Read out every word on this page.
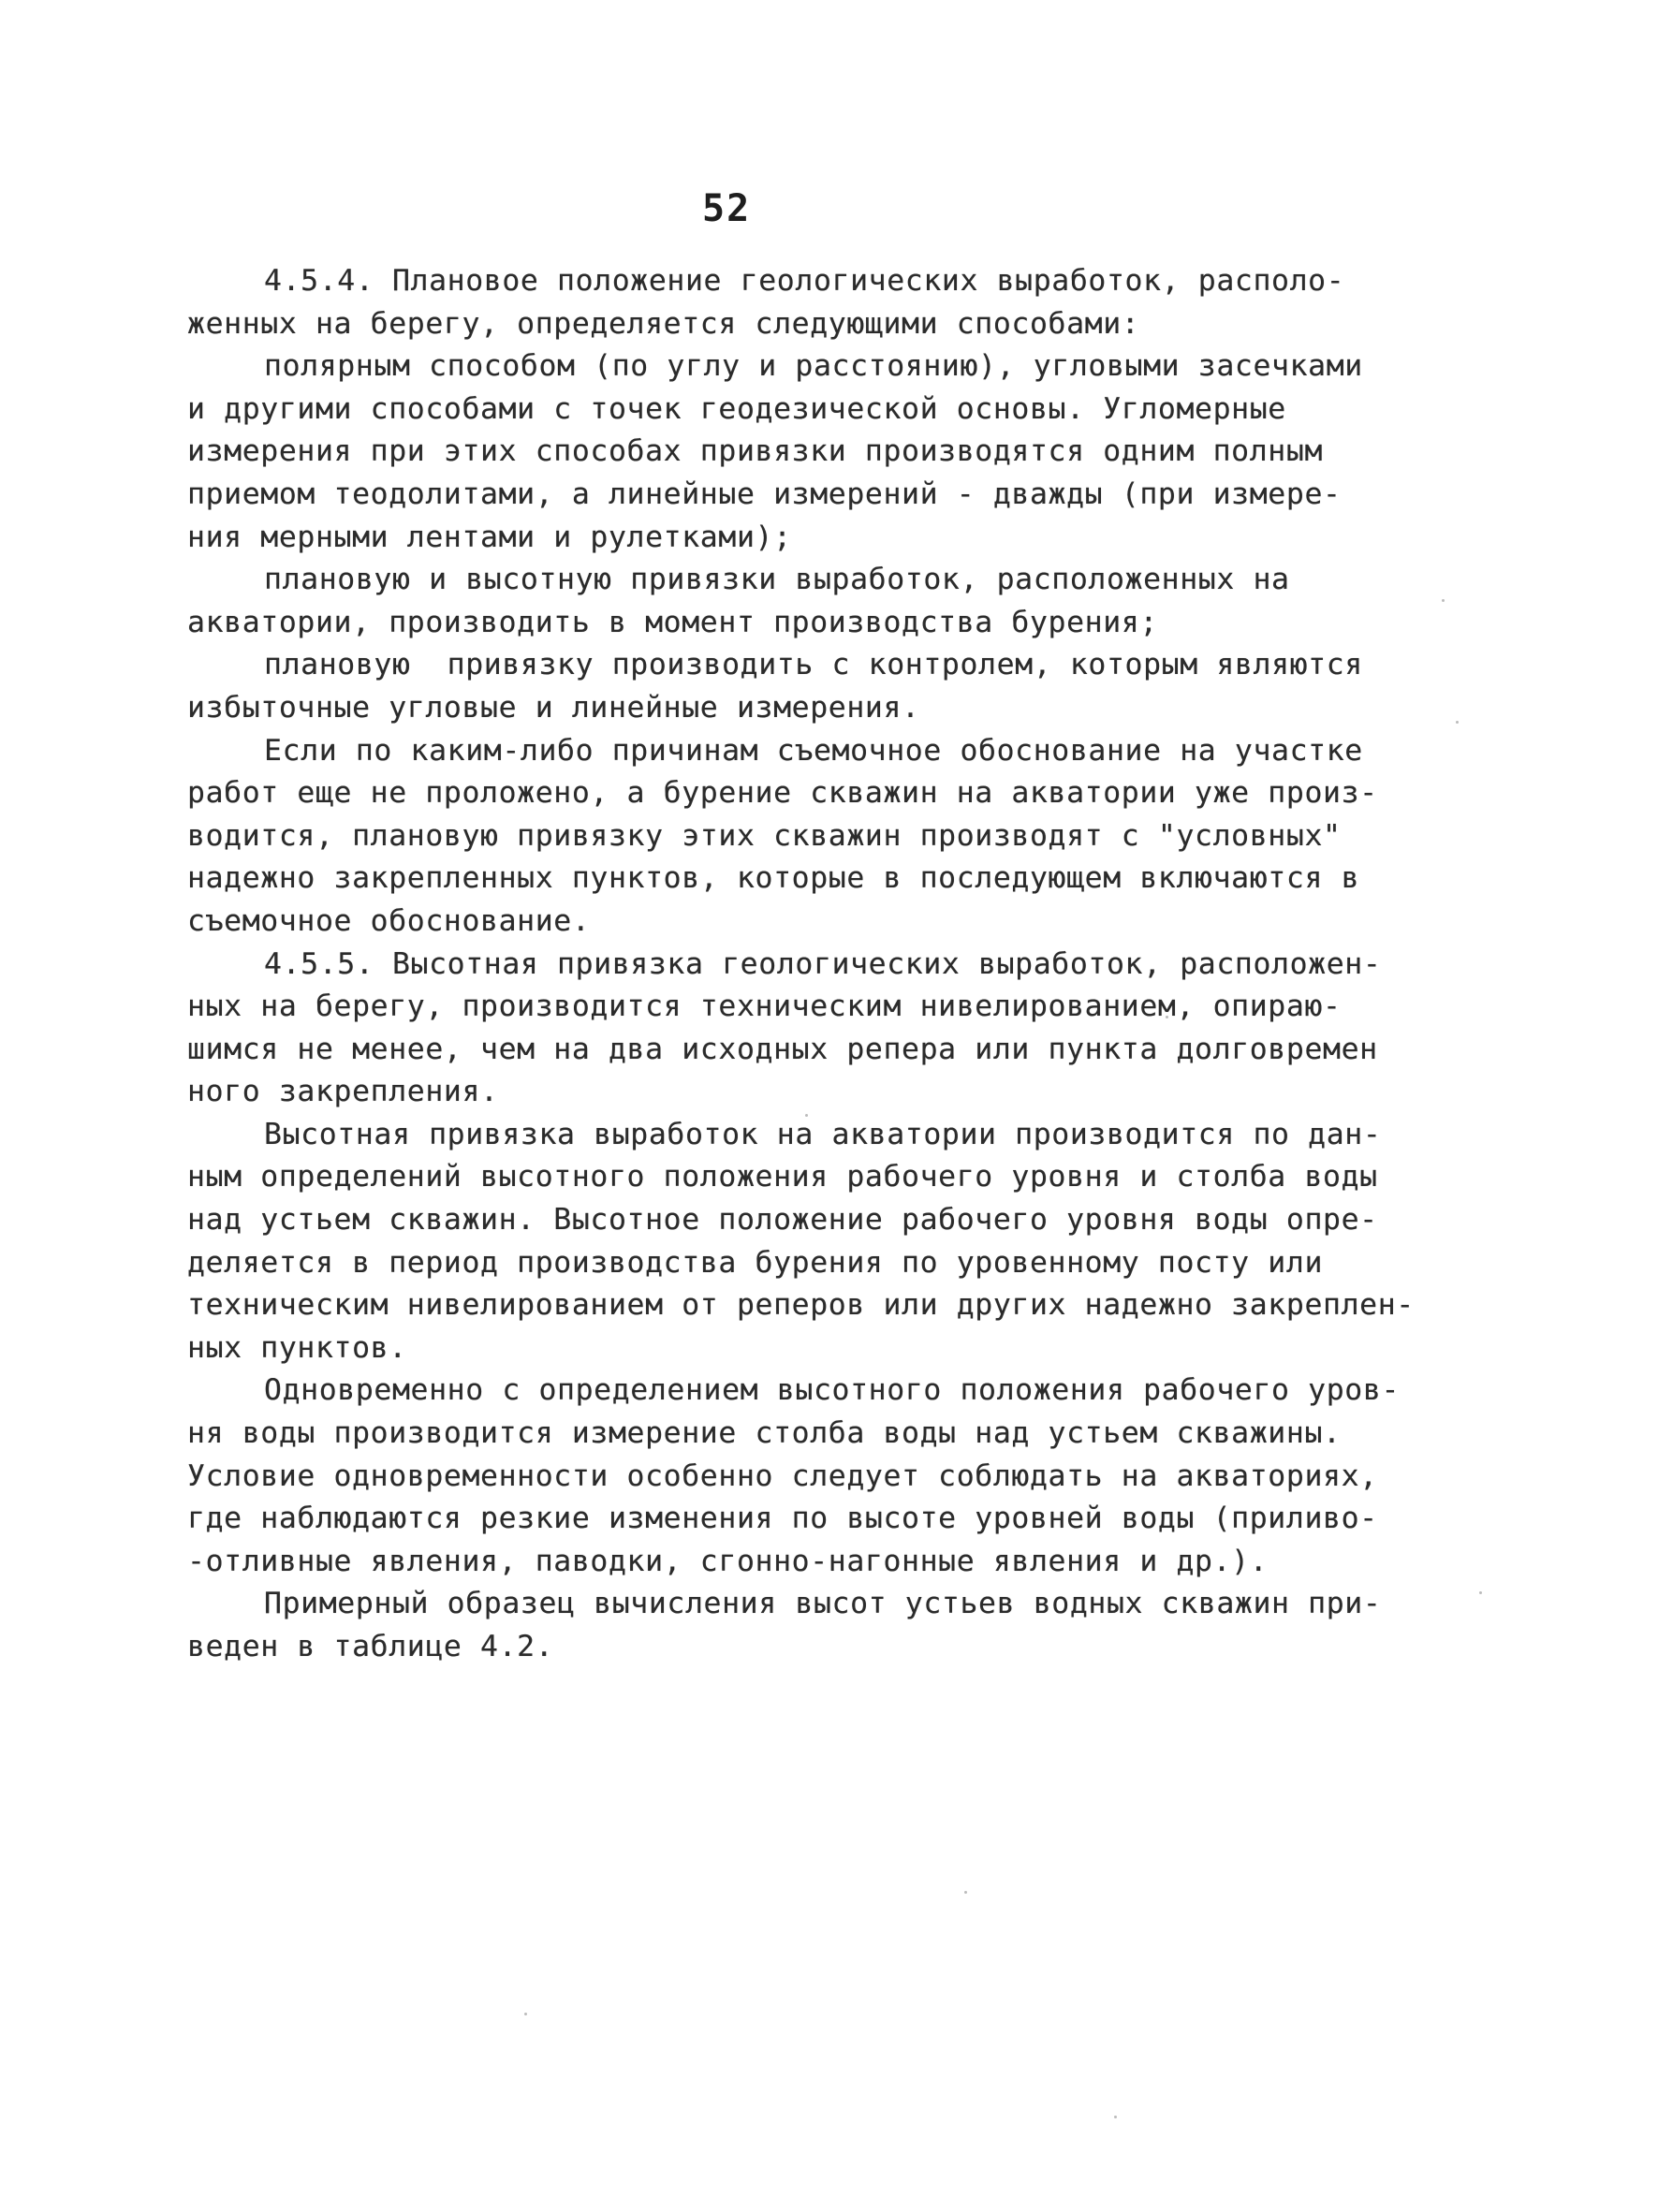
52
4.5.4. Плановое положение геологических выработок, располо-
женных на берегу, определяется следующими способами:
полярным способом (по углу и расстоянию), угловыми засечками
и другими способами с точек геодезической основы. Угломерные
измерения при этих способах привязки производятся одним полным
приемом теодолитами, а линейные измерений - дважды (при измере-
ния мерными лентами и рулетками);
плановую и высотную привязки выработок, расположенных на
акватории, производить в момент производства бурения;
плановую  привязку производить с контролем, которым являются
избыточные угловые и линейные измерения.
Если по каким-либо причинам съемочное обоснование на участке
работ еще не проложено, а бурение скважин на акватории уже произ-
водится, плановую привязку этих скважин производят с "условных"
надежно закрепленных пунктов, которые в последующем включаются в
съемочное обоснование.
4.5.5. Высотная привязка геологических выработок, расположен-
ных на берегу, производится техническим нивелированием, опираю-
шимся не менее, чем на два исходных репера или пункта долговремен
ного закрепления.
Высотная привязка выработок на акватории производится по дан-
ным определений высотного положения рабочего уровня и столба воды
над устьем скважин. Высотное положение рабочего уровня воды опре-
деляется в период производства бурения по уровенному посту или
техническим нивелированием от реперов или других надежно закреплен-
ных пунктов.
Одновременно с определением высотного положения рабочего уров-
ня воды производится измерение столба воды над устьем скважины.
Условие одновременности особенно следует соблюдать на акваториях,
где наблюдаются резкие изменения по высоте уровней воды (приливо-
-отливные явления, паводки, сгонно-нагонные явления и др.).
Примерный образец вычисления высот устьев водных скважин при-
веден в таблице 4.2.
